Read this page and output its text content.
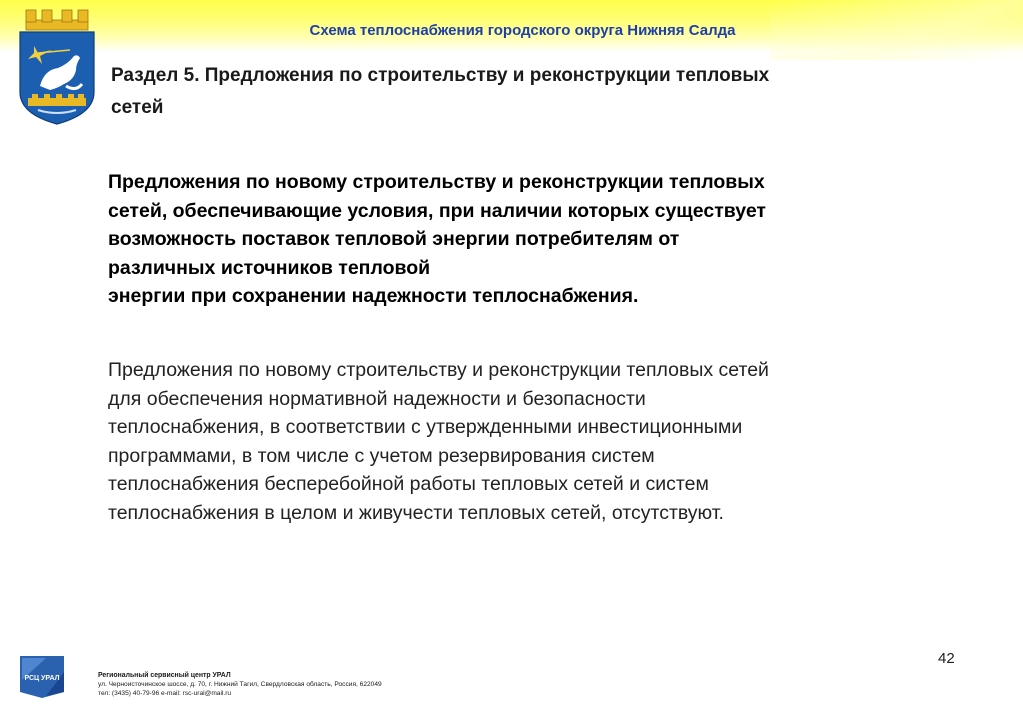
Схема теплоснабжения городского округа Нижняя Салда
Раздел 5. Предложения по строительству и реконструкции тепловых
сетей
Предложения по новому строительству и реконструкции тепловых
сетей, обеспечивающие условия, при наличии которых существует
возможность поставок тепловой энергии потребителям от
различных источников тепловой
энергии при сохранении надежности теплоснабжения.
Предложения по новому строительству и реконструкции тепловых сетей
для обеспечения нормативной надежности и безопасности
теплоснабжения, в соответствии с утвержденными инвестиционными
программами, в том числе с учетом резервирования систем
теплоснабжения бесперебойной работы тепловых сетей и систем
теплоснабжения в целом и живучести тепловых сетей, отсутствуют.
42
РСЦ УРАЛ	Региональный сервисный центр УРАЛ
ул. Черноисточинское шоссе, д. 70, г. Нижний Тагил, Свердловская область, Россия, 622049
тел: (3435) 40-79-96 e-mail: rsc-ural@mail.ru
